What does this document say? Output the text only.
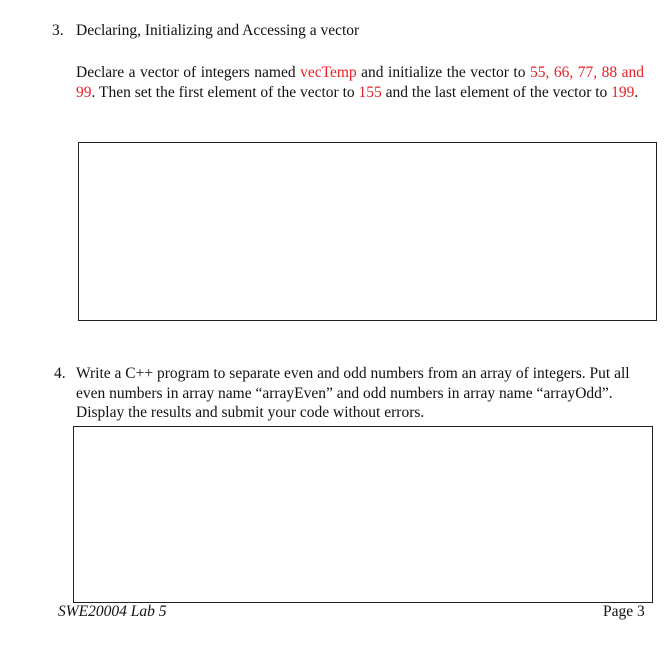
3. Declaring, Initializing and Accessing a vector
Declare a vector of integers named vecTemp and initialize the vector to 55, 66, 77, 88 and 99. Then set the first element of the vector to 155 and the last element of the vector to 199.
4. Write a C++ program to separate even and odd numbers from an array of integers. Put all even numbers in array name “arrayEven” and odd numbers in array name “arrayOdd”. Display the results and submit your code without errors.
SWE20004 Lab 5	Page 3
